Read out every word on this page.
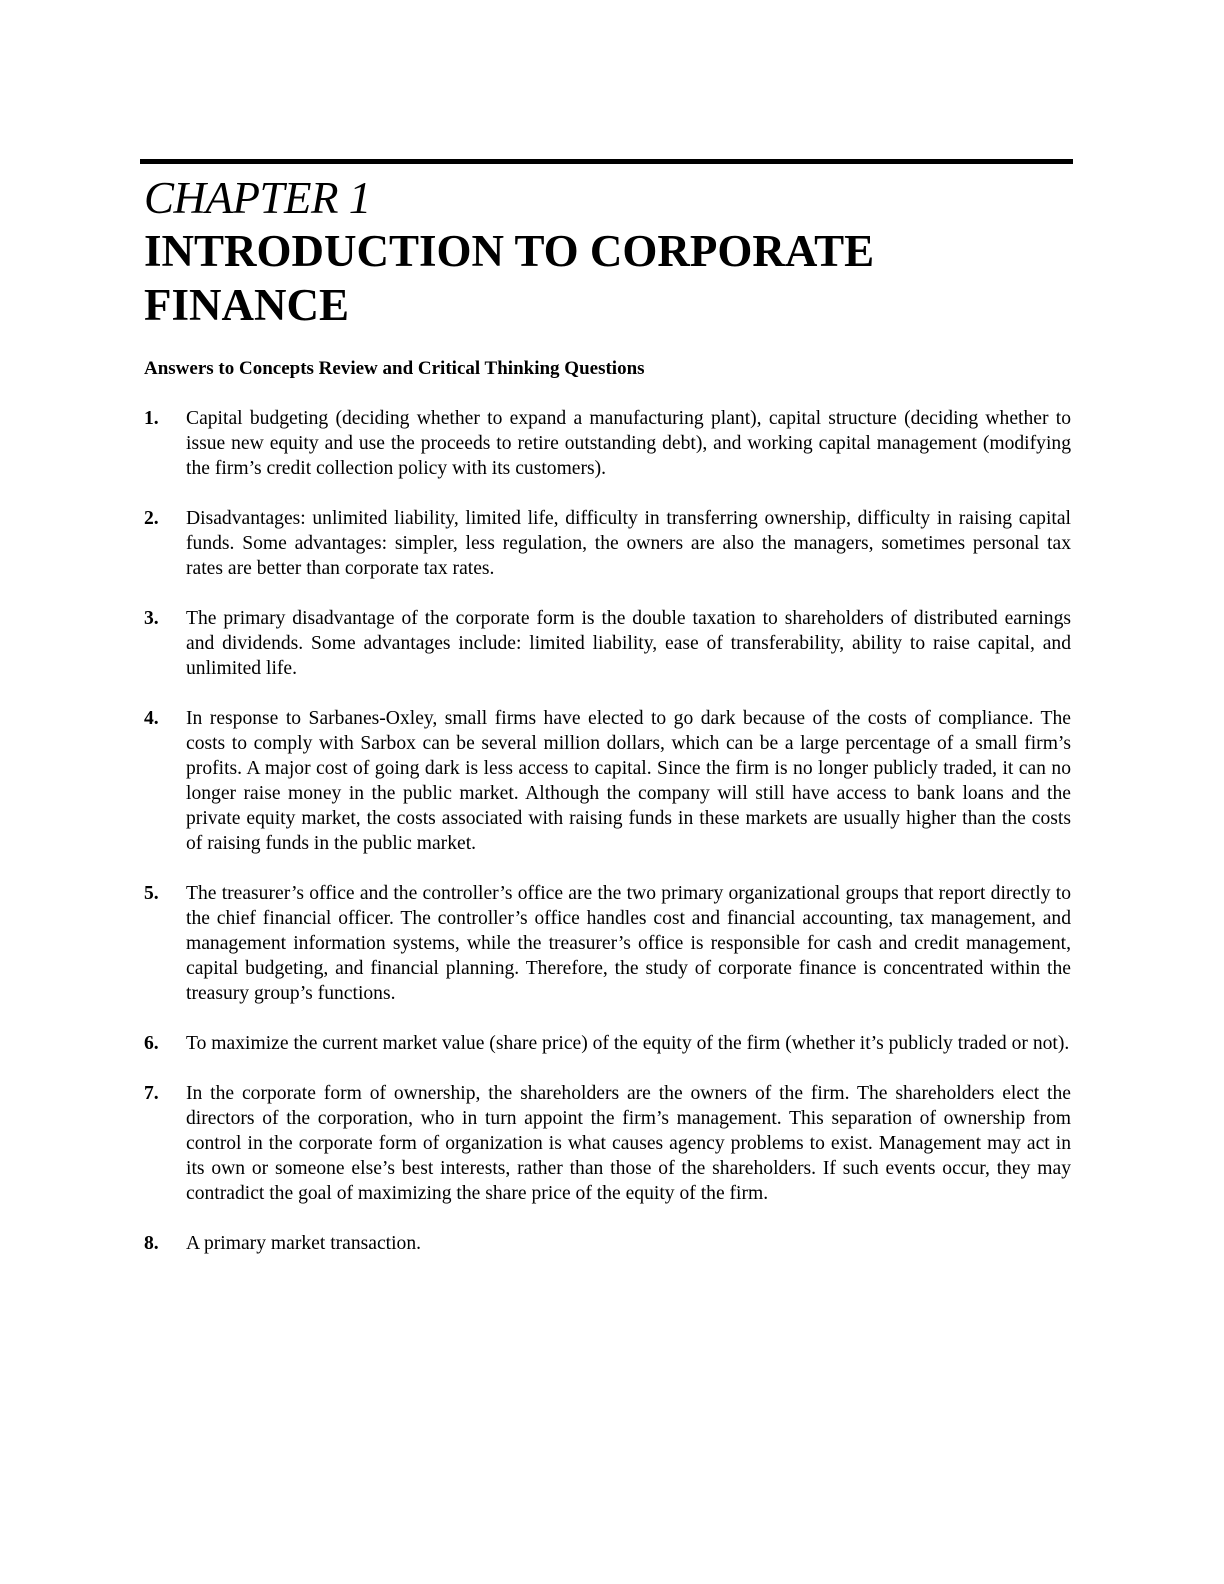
CHAPTER 1
INTRODUCTION TO CORPORATE FINANCE
Answers to Concepts Review and Critical Thinking Questions
1.	Capital budgeting (deciding whether to expand a manufacturing plant), capital structure (deciding whether to issue new equity and use the proceeds to retire outstanding debt), and working capital management (modifying the firm’s credit collection policy with its customers).
2.	Disadvantages: unlimited liability, limited life, difficulty in transferring ownership, difficulty in raising capital funds. Some advantages: simpler, less regulation, the owners are also the managers, sometimes personal tax rates are better than corporate tax rates.
3.	The primary disadvantage of the corporate form is the double taxation to shareholders of distributed earnings and dividends. Some advantages include: limited liability, ease of transferability, ability to raise capital, and unlimited life.
4.	In response to Sarbanes-Oxley, small firms have elected to go dark because of the costs of compliance. The costs to comply with Sarbox can be several million dollars, which can be a large percentage of a small firm’s profits. A major cost of going dark is less access to capital. Since the firm is no longer publicly traded, it can no longer raise money in the public market. Although the company will still have access to bank loans and the private equity market, the costs associated with raising funds in these markets are usually higher than the costs of raising funds in the public market.
5.	The treasurer’s office and the controller’s office are the two primary organizational groups that report directly to the chief financial officer. The controller’s office handles cost and financial accounting, tax management, and management information systems, while the treasurer’s office is responsible for cash and credit management, capital budgeting, and financial planning. Therefore, the study of corporate finance is concentrated within the treasury group’s functions.
6.	To maximize the current market value (share price) of the equity of the firm (whether it’s publicly traded or not).
7.	In the corporate form of ownership, the shareholders are the owners of the firm. The shareholders elect the directors of the corporation, who in turn appoint the firm’s management. This separation of ownership from control in the corporate form of organization is what causes agency problems to exist. Management may act in its own or someone else’s best interests, rather than those of the shareholders. If such events occur, they may contradict the goal of maximizing the share price of the equity of the firm.
8.	A primary market transaction.
